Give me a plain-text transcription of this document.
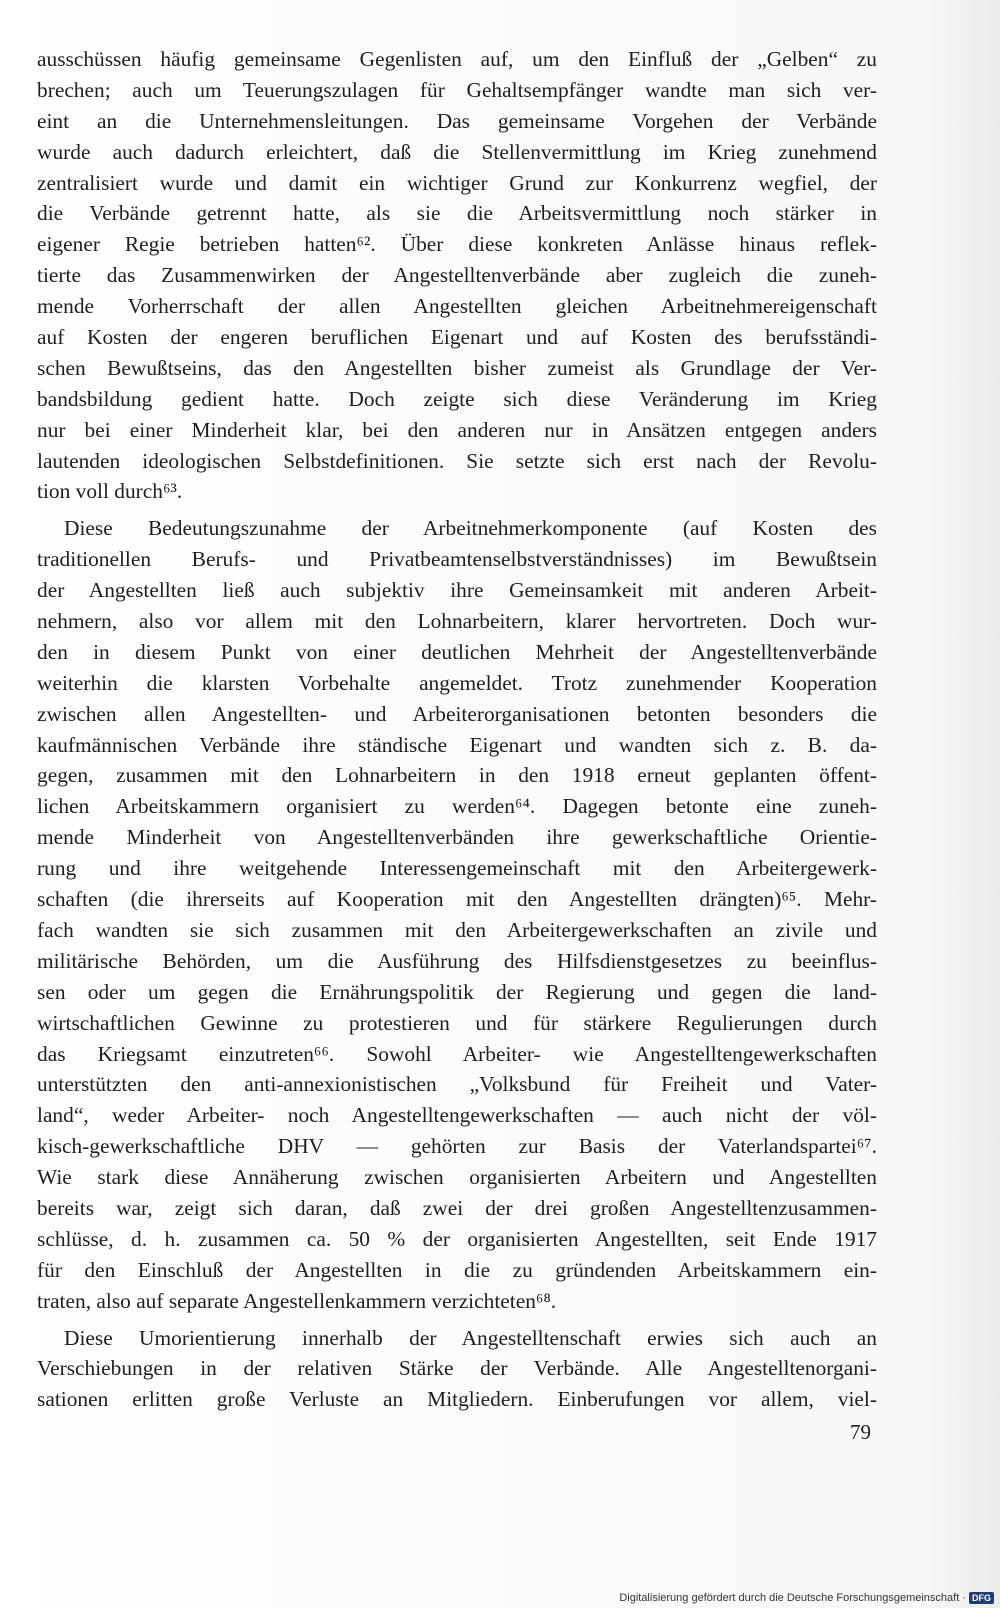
ausschüssen häufig gemeinsame Gegenlisten auf, um den Einfluß der „Gelben“ zu
brechen; auch um Teuerungszulagen für Gehaltsempfänger wandte man sich ver-
eint an die Unternehmensleitungen. Das gemeinsame Vorgehen der Verbände
wurde auch dadurch erleichtert, daß die Stellenvermittlung im Krieg zunehmend
zentralisiert wurde und damit ein wichtiger Grund zur Konkurrenz wegfiel, der
die Verbände getrennt hatte, als sie die Arbeitsvermittlung noch stärker in
eigener Regie betrieben hatten⁶². Über diese konkreten Anlässe hinaus reflek-
tierte das Zusammenwirken der Angestelltenverbände aber zugleich die zuneh-
mende Vorherrschaft der allen Angestellten gleichen Arbeitnehmereigenschaft
auf Kosten der engeren beruflichen Eigenart und auf Kosten des berufsständi-
schen Bewußtseins, das den Angestellten bisher zumeist als Grundlage der Ver-
bandsbildung gedient hatte. Doch zeigte sich diese Veränderung im Krieg
nur bei einer Minderheit klar, bei den anderen nur in Ansätzen entgegen anders
lautenden ideologischen Selbstdefinitionen. Sie setzte sich erst nach der Revolu-
tion voll durch⁶³.
Diese Bedeutungszunahme der Arbeitnehmerkomponente (auf Kosten des
traditionellen Berufs- und Privatbeamtenselbstverständnisses) im Bewußtsein
der Angestellten ließ auch subjektiv ihre Gemeinsamkeit mit anderen Arbeit-
nehmern, also vor allem mit den Lohnarbeitern, klarer hervortreten. Doch wur-
den in diesem Punkt von einer deutlichen Mehrheit der Angestelltenverbände
weiterhin die klarsten Vorbehalte angemeldet. Trotz zunehmender Kooperation
zwischen allen Angestellten- und Arbeiterorganisationen betonten besonders die
kaufmännischen Verbände ihre ständische Eigenart und wandten sich z. B. da-
gegen, zusammen mit den Lohnarbeitern in den 1918 erneut geplanten öffent-
lichen Arbeitskammern organisiert zu werden⁶⁴. Dagegen betonte eine zuneh-
mende Minderheit von Angestelltenverbänden ihre gewerkschaftliche Orientie-
rung und ihre weitgehende Interessengemeinschaft mit den Arbeitergewerk-
schaften (die ihrerseits auf Kooperation mit den Angestellten drängten)⁶⁵. Mehr-
fach wandten sie sich zusammen mit den Arbeitergewerkschaften an zivile und
militärische Behörden, um die Ausführung des Hilfsdienstgesetzes zu beeinflus-
sen oder um gegen die Ernährungspolitik der Regierung und gegen die land-
wirtschaftlichen Gewinne zu protestieren und für stärkere Regulierungen durch
das Kriegsamt einzutreten⁶⁶. Sowohl Arbeiter- wie Angestelltengewerkschaften
unterstützten den anti-annexionistischen „Volksbund für Freiheit und Vater-
land“, weder Arbeiter- noch Angestelltengewerkschaften — auch nicht der völ-
kisch-gewerkschaftliche DHV — gehörten zur Basis der Vaterlandspartei⁶⁷.
Wie stark diese Annäherung zwischen organisierten Arbeitern und Angestellten
bereits war, zeigt sich daran, daß zwei der drei großen Angestelltenzusammen-
schlüsse, d. h. zusammen ca. 50 % der organisierten Angestellten, seit Ende 1917
für den Einschluß der Angestellten in die zu gründenden Arbeitskammern ein-
traten, also auf separate Angestellenkammern verzichteten⁶⁸.
Diese Umorientierung innerhalb der Angestelltenschaft erwies sich auch an
Verschiebungen in der relativen Stärke der Verbände. Alle Angestelltenorgani-
sationen erlitten große Verluste an Mitgliedern. Einberufungen vor allem, viel-
79
Digitalisierung gefördert durch die Deutsche Forschungsgemeinschaft · DFG
